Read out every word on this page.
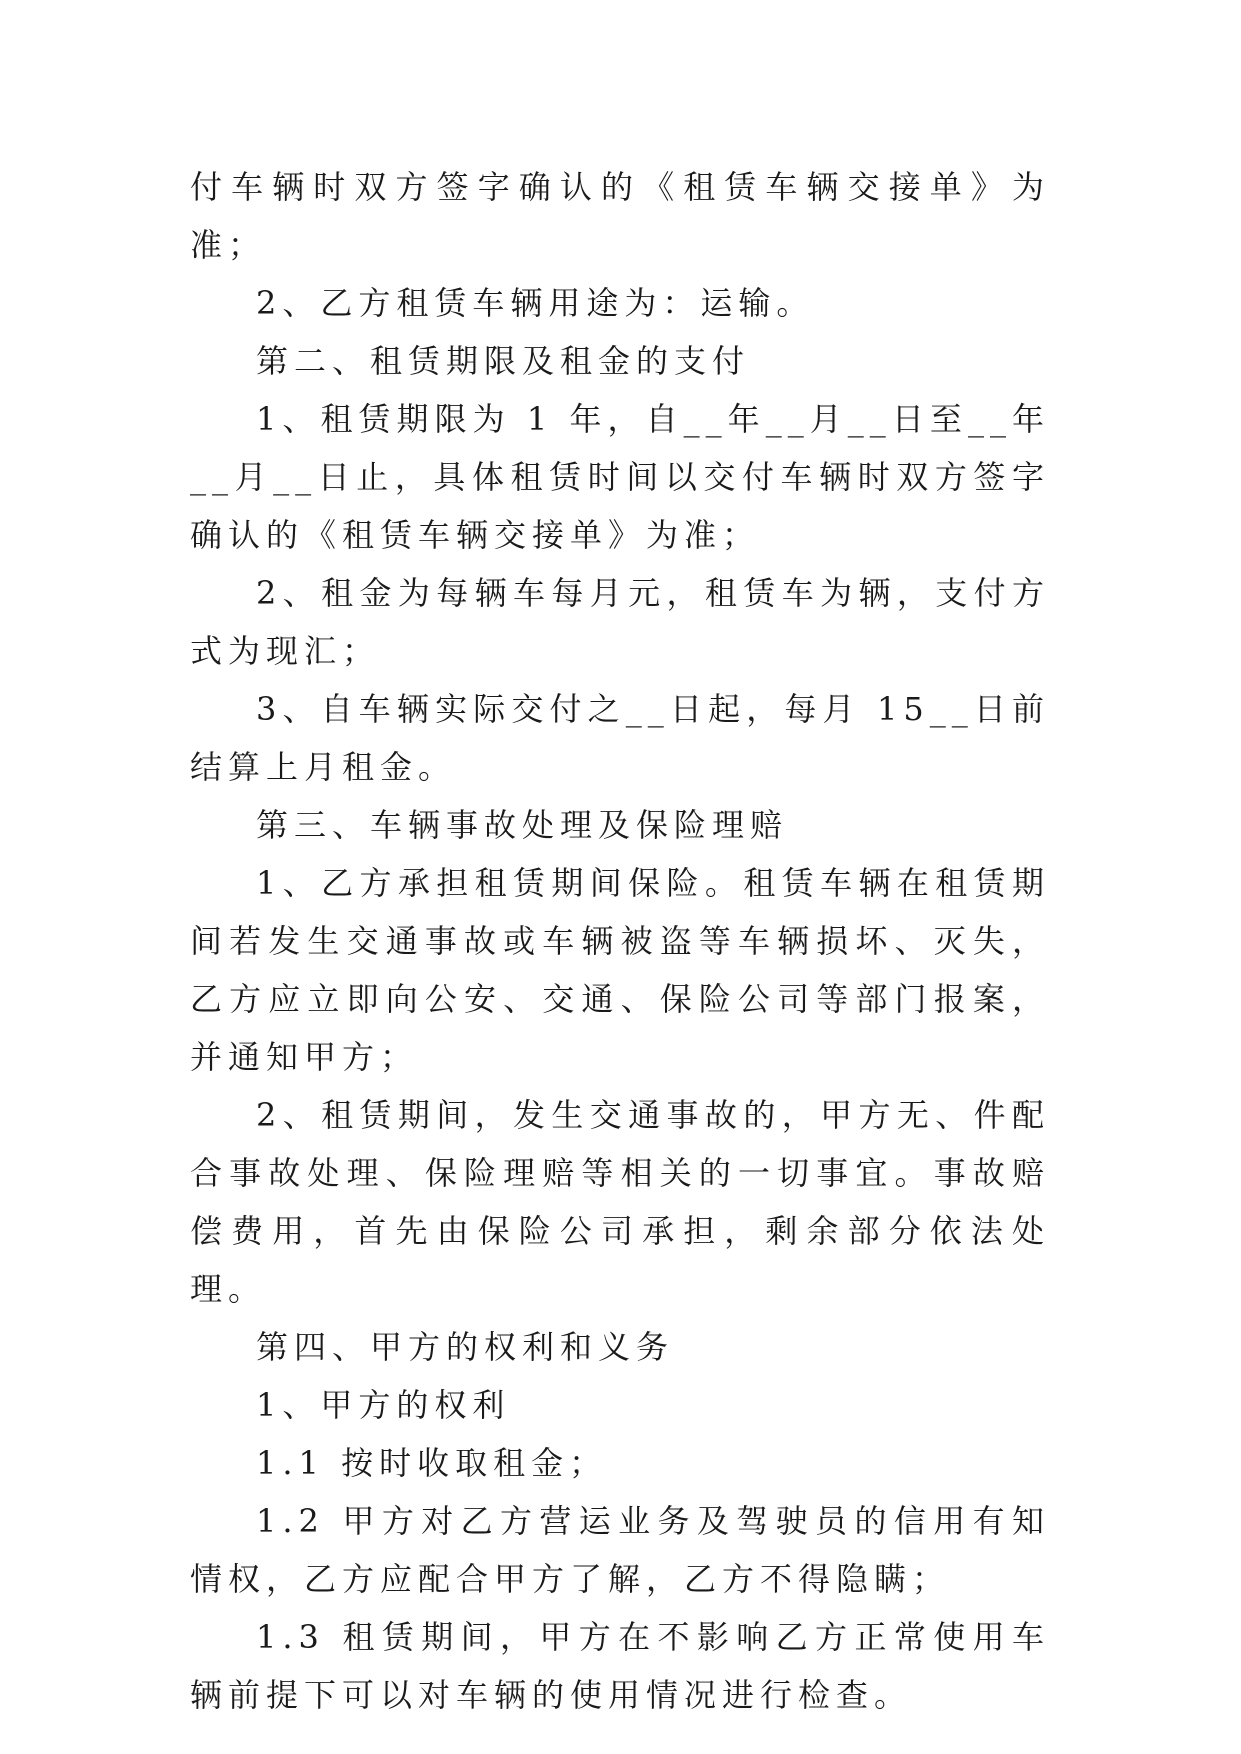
付车辆时双方签字确认的《租赁车辆交接单》为准；

2、乙方租赁车辆用途为：运输。

第二、租赁期限及租金的支付

1、租赁期限为 1 年，自__年__月__日至__年__月__日止，具体租赁时间以交付车辆时双方签字确认的《租赁车辆交接单》为准；

2、租金为每辆车每月元，租赁车为辆，支付方式为现汇；

3、自车辆实际交付之__日起，每月 15__日前结算上月租金。

第三、车辆事故处理及保险理赔

1、乙方承担租赁期间保险。租赁车辆在租赁期间若发生交通事故或车辆被盗等车辆损坏、灭失，乙方应立即向公安、交通、保险公司等部门报案，并通知甲方；

2、租赁期间，发生交通事故的，甲方无、件配合事故处理、保险理赔等相关的一切事宜。事故赔偿费用，首先由保险公司承担，剩余部分依法处理。

第四、甲方的权利和义务

1、甲方的权利

1.1 按时收取租金；

1.2 甲方对乙方营运业务及驾驶员的信用有知情权，乙方应配合甲方了解，乙方不得隐瞒；

1.3 租赁期间，甲方在不影响乙方正常使用车辆前提下可以对车辆的使用情况进行检查。
